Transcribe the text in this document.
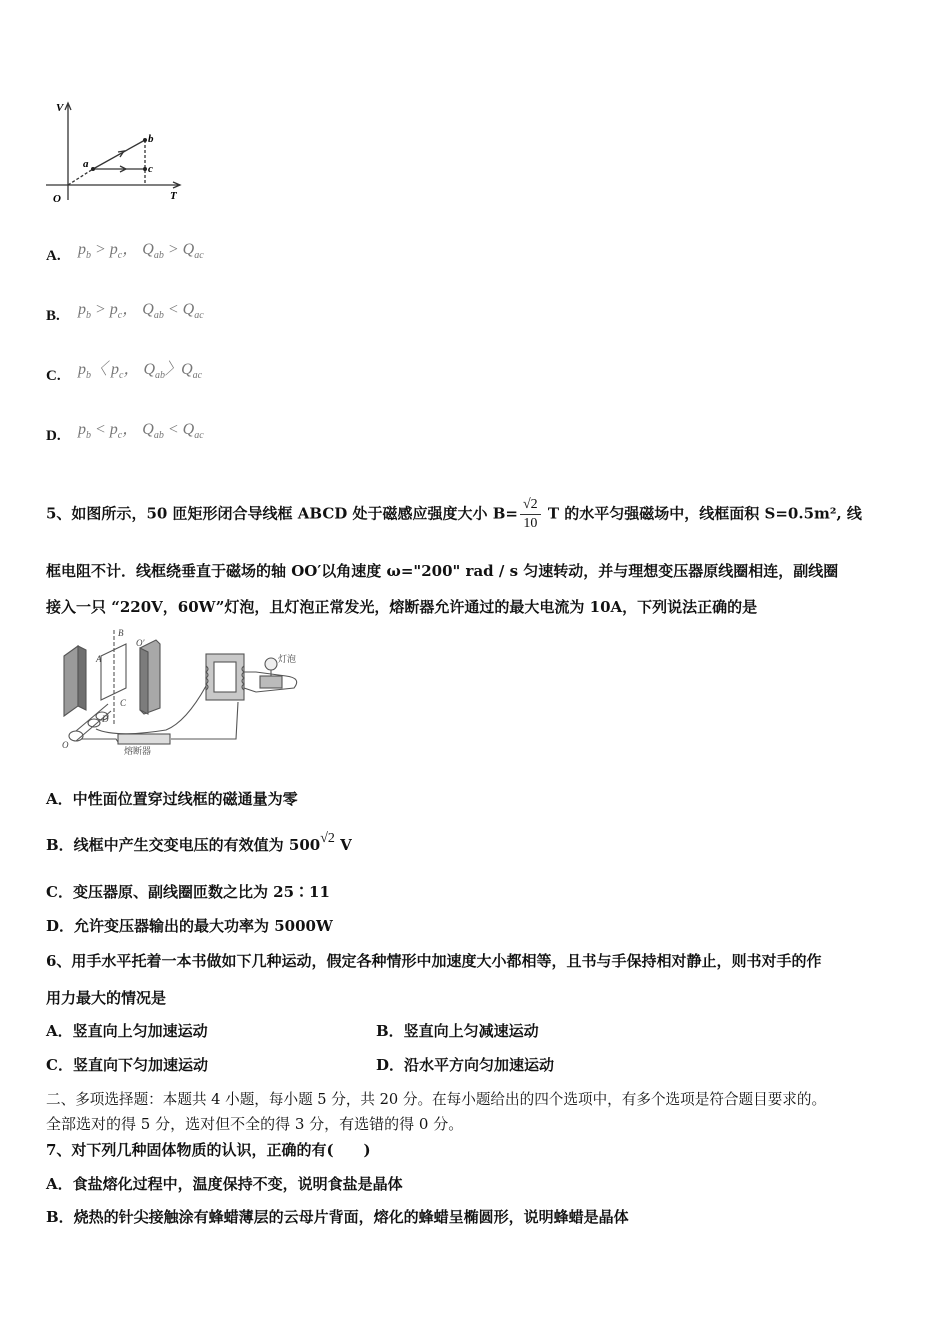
V
T
O
a
b
c
A. $p_b > p_c$， $Q_{ab} > Q_{ac}$
B. $p_b > p_c$， $Q_{ab} < Q_{ac}$
C. $p_b$〈 $p_c$， $Q_{ab}$〉$Q_{ac}$
D. $p_b < p_c$， $Q_{ab} < Q_{ac}$
5、如图所示，50 匝矩形闭合导线框 ABCD 处于磁感应强度大小 $B= \frac{√2}{10}$ T 的水平匀强磁场中，线框面积 S=0.5m², 线
框电阻不计．线框绕垂直于磁场的轴 OO′以角速度 ω="200" rad / s 匀速转动，并与理想变压器原线圈相连，副线圈
接入一只 “220V，60W”灯泡，且灯泡正常发光，熔断器允许通过的最大电流为 10A，下列说法正确的是
灯泡
熔断器
A
B
C
D
O
O′
A．中性面位置穿过线框的磁通量为零
B．线框中产生交变电压的有效值为 500√2 V
C．变压器原、副线圈匝数之比为 25∶11
D．允许变压器输出的最大功率为 5000W
6、用手水平托着一本书做如下几种运动，假定各种情形中加速度大小都相等，且书与手保持相对静止，则书对手的作
用力最大的情况是
A．竖直向上匀加速运动	B．竖直向上匀减速运动
C．竖直向下匀加速运动	D．沿水平方向匀加速运动
二、多项选择题：本题共 4 小题，每小题 5 分，共 20 分。在每小题给出的四个选项中，有多个选项是符合题目要求的。
全部选对的得 5 分，选对但不全的得 3 分，有选错的得 0 分。
7、对下列几种固体物质的认识，正确的有(　　)
A．食盐熔化过程中，温度保持不变，说明食盐是晶体
B．烧热的针尖接触涂有蜂蜡薄层的云母片背面，熔化的蜂蜡呈椭圆形，说明蜂蜡是晶体
